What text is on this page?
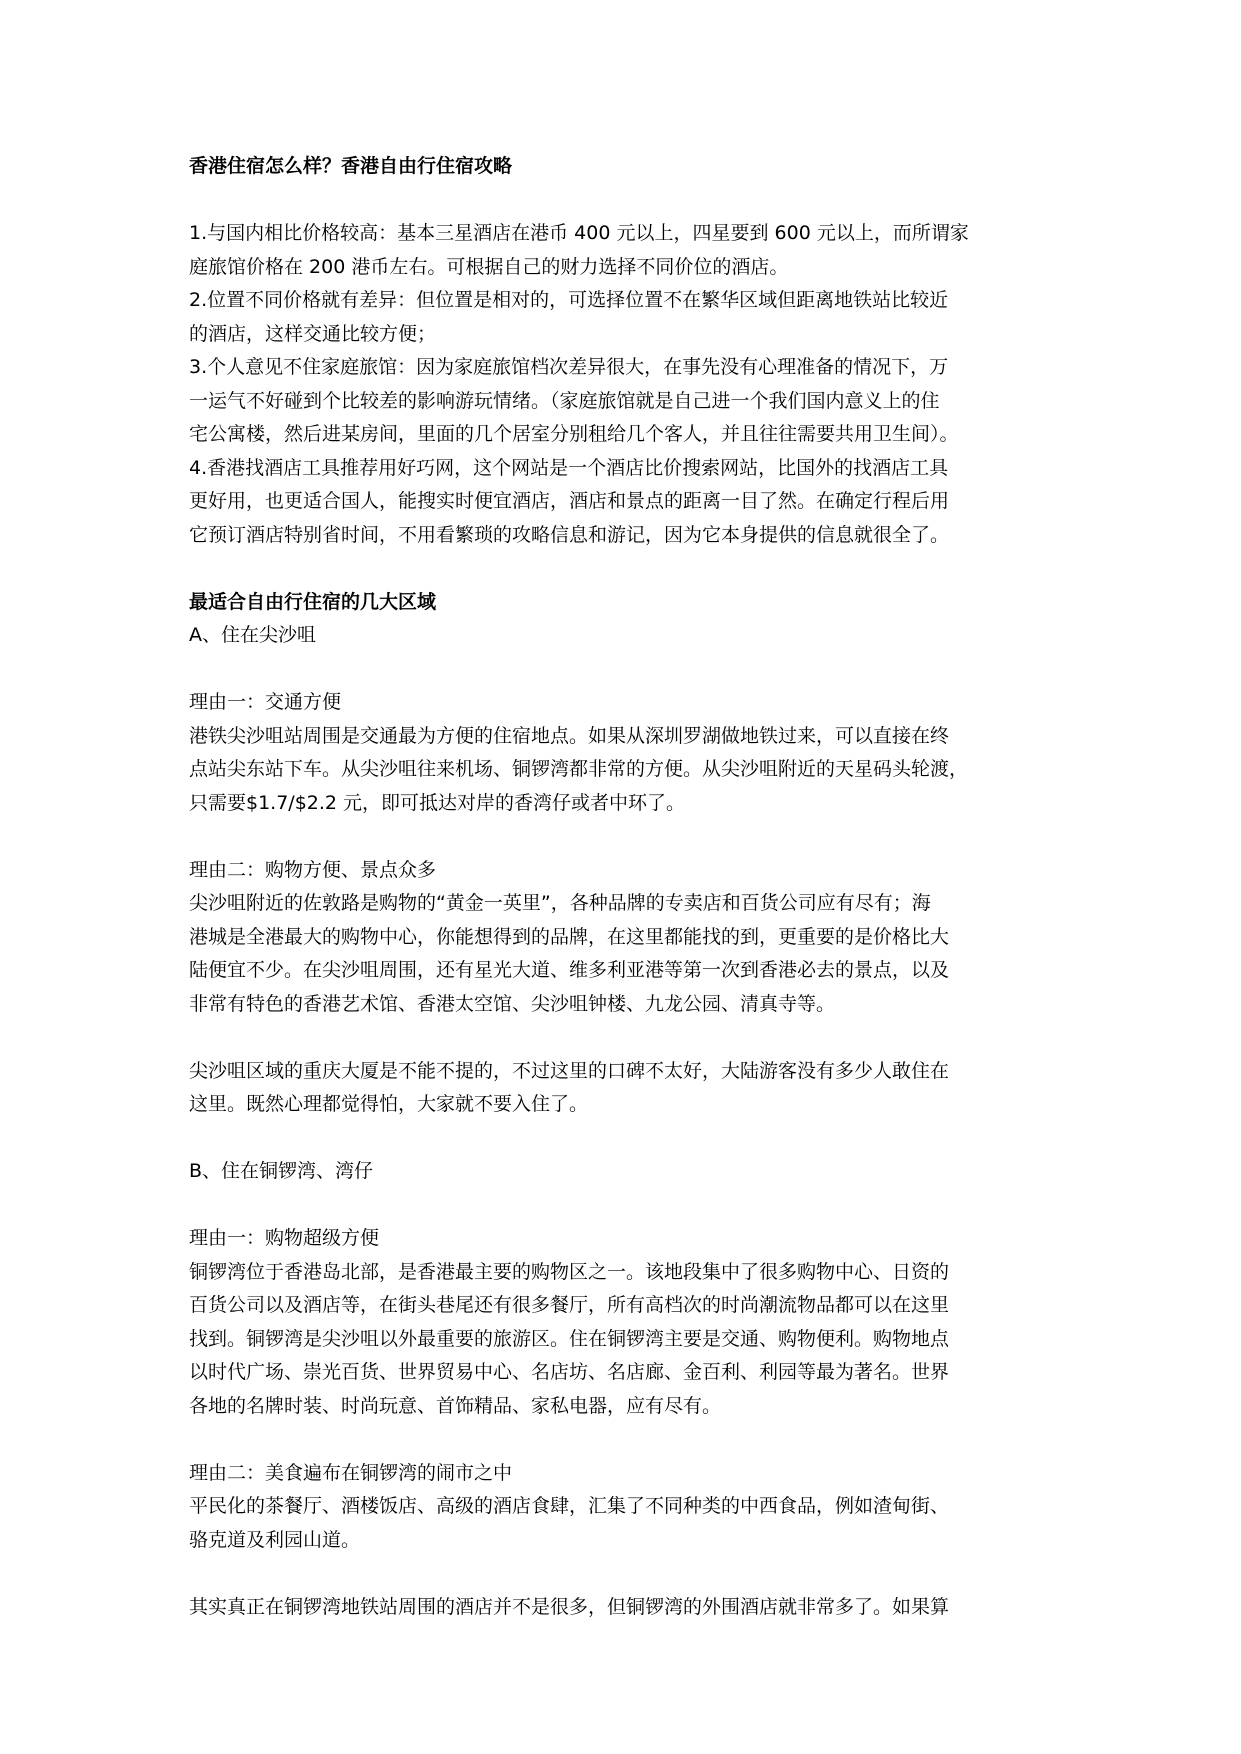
香港住宿怎么样？香港自由行住宿攻略
1.与国内相比价格较高：基本三星酒店在港币 400 元以上，四星要到 600 元以上，而所谓家
庭旅馆价格在 200 港币左右。可根据自己的财力选择不同价位的酒店。
2.位置不同价格就有差异：但位置是相对的，可选择位置不在繁华区域但距离地铁站比较近
的酒店，这样交通比较方便；
3.个人意见不住家庭旅馆：因为家庭旅馆档次差异很大，在事先没有心理准备的情况下，万
一运气不好碰到个比较差的影响游玩情绪。（家庭旅馆就是自己进一个我们国内意义上的住
宅公寓楼，然后进某房间，里面的几个居室分别租给几个客人，并且往往需要共用卫生间）。
4.香港找酒店工具推荐用好巧网，这个网站是一个酒店比价搜索网站，比国外的找酒店工具
更好用，也更适合国人，能搜实时便宜酒店，酒店和景点的距离一目了然。在确定行程后用
它预订酒店特别省时间，不用看繁琐的攻略信息和游记，因为它本身提供的信息就很全了。
最适合自由行住宿的几大区域
A、住在尖沙咀
理由一：交通方便
港铁尖沙咀站周围是交通最为方便的住宿地点。如果从深圳罗湖做地铁过来，可以直接在终
点站尖东站下车。从尖沙咀往来机场、铜锣湾都非常的方便。从尖沙咀附近的天星码头轮渡，
只需要$1.7/$2.2 元，即可抵达对岸的香湾仔或者中环了。
理由二：购物方便、景点众多
尖沙咀附近的佐敦路是购物的“黄金一英里”，各种品牌的专卖店和百货公司应有尽有；海
港城是全港最大的购物中心，你能想得到的品牌，在这里都能找的到，更重要的是价格比大
陆便宜不少。在尖沙咀周围，还有星光大道、维多利亚港等第一次到香港必去的景点，以及
非常有特色的香港艺术馆、香港太空馆、尖沙咀钟楼、九龙公园、清真寺等。
尖沙咀区域的重庆大厦是不能不提的，不过这里的口碑不太好，大陆游客没有多少人敢住在
这里。既然心理都觉得怕，大家就不要入住了。
B、住在铜锣湾、湾仔
理由一：购物超级方便
铜锣湾位于香港岛北部，是香港最主要的购物区之一。该地段集中了很多购物中心、日资的
百货公司以及酒店等，在街头巷尾还有很多餐厅，所有高档次的时尚潮流物品都可以在这里
找到。铜锣湾是尖沙咀以外最重要的旅游区。住在铜锣湾主要是交通、购物便利。购物地点
以时代广场、崇光百货、世界贸易中心、名店坊、名店廊、金百利、利园等最为著名。世界
各地的名牌时装、时尚玩意、首饰精品、家私电器，应有尽有。
理由二：美食遍布在铜锣湾的闹市之中
平民化的茶餐厅、酒楼饭店、高级的酒店食肆，汇集了不同种类的中西食品，例如渣甸街、
骆克道及利园山道。
其实真正在铜锣湾地铁站周围的酒店并不是很多，但铜锣湾的外围酒店就非常多了。如果算
